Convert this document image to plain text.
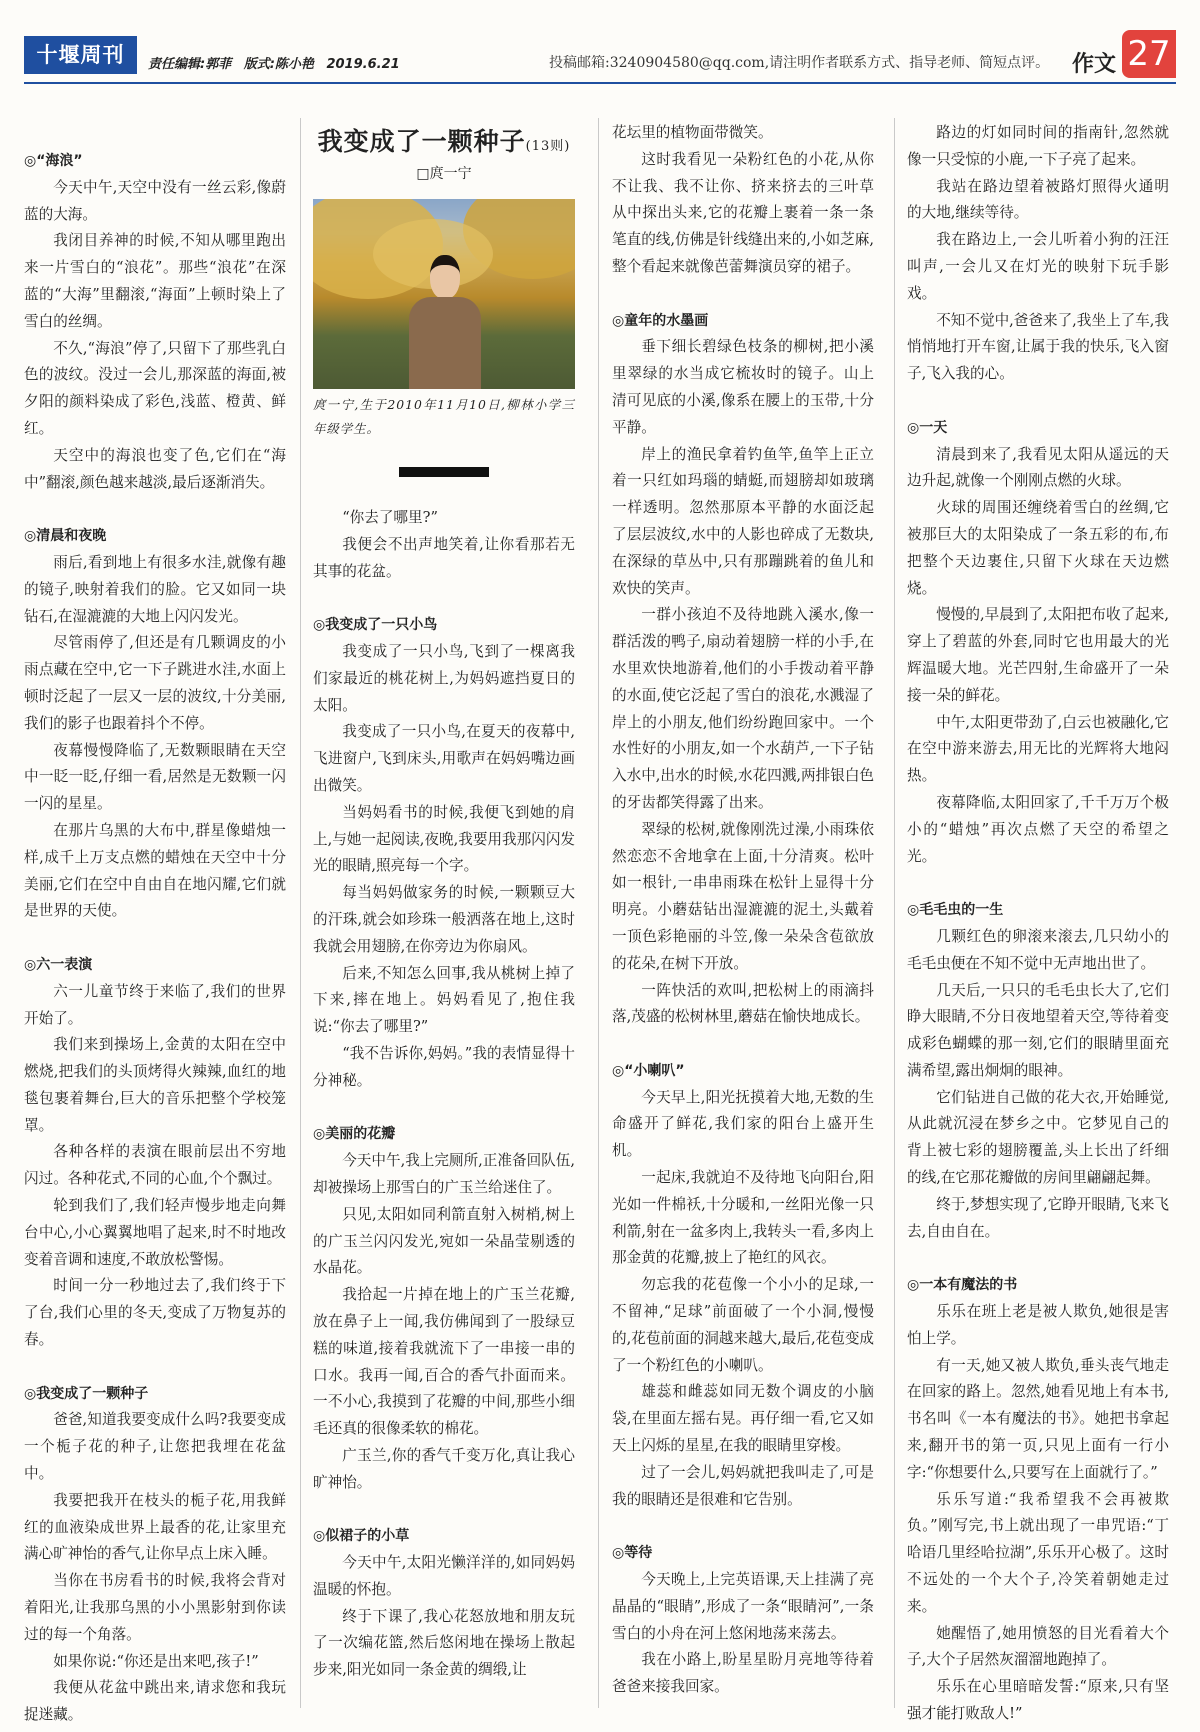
十堰周刊	责任编辑:郭菲 版式:陈小艳 2019.6.21	投稿邮箱:3240904580@qq.com,请注明作者联系方式、指导老师、简短点评。 作文 27
◎“海浪”

今天中午,天空中没有一丝云彩,像蔚蓝的大海。

我闭目养神的时候,不知从哪里跑出来一片雪白的“浪花”。那些“浪花”在深蓝的“大海”里翻滚,“海面”上顿时染上了雪白的丝绸。

不久,“海浪”停了,只留下了那些乳白色的波纹。没过一会儿,那深蓝的海面,被夕阳的颜料染成了彩色,浅蓝、橙黄、鲜红。

天空中的海浪也变了色,它们在“海中”翻滚,颜色越来越淡,最后逐渐消失。

◎清晨和夜晚

雨后,看到地上有很多水洼,就像有趣的镜子,映射着我们的脸。它又如同一块钻石,在湿漉漉的大地上闪闪发光。

尽管雨停了,但还是有几颗调皮的小雨点藏在空中,它一下子跳进水洼,水面上顿时泛起了一层又一层的波纹,十分美丽,我们的影子也跟着抖个不停。

夜幕慢慢降临了,无数颗眼睛在天空中一眨一眨,仔细一看,居然是无数颗一闪一闪的星星。

在那片乌黑的大布中,群星像蜡烛一样,成千上万支点燃的蜡烛在天空中十分美丽,它们在空中自由自在地闪耀,它们就是世界的天使。

◎六一表演

六一儿童节终于来临了,我们的世界开始了。

我们来到操场上,金黄的太阳在空中燃烧,把我们的头顶烤得火辣辣,血红的地毯包裹着舞台,巨大的音乐把整个学校笼罩。

各种各样的表演在眼前层出不穷地闪过。各种花式,不同的心血,个个飘过。

轮到我们了,我们轻声慢步地走向舞台中心,小心翼翼地唱了起来,时不时地改变着音调和速度,不敢放松警惕。

时间一分一秒地过去了,我们终于下了台,我们心里的冬天,变成了万物复苏的春。

◎我变成了一颗种子

爸爸,知道我要变成什么吗?我要变成一个栀子花的种子,让您把我埋在花盆中。

我要把我开在枝头的栀子花,用我鲜红的血液染成世界上最香的花,让家里充满心旷神怡的香气,让你早点上床入睡。

当你在书房看书的时候,我将会背对着阳光,让我那乌黑的小小黑影射到你读过的每一个角落。

如果你说:“你还是出来吧,孩子!”

我便从花盆中跳出来,请求您和我玩捉迷藏。

我变成了一颗种子(13则)
□庹一宁
庹一宁,生于2010年11月10日,柳林小学三年级学生。

“你去了哪里?”

我便会不出声地笑着,让你看那若无其事的花盆。

◎我变成了一只小鸟

我变成了一只小鸟,飞到了一棵离我们家最近的桃花树上,为妈妈遮挡夏日的太阳。

我变成了一只小鸟,在夏天的夜幕中,飞进窗户,飞到床头,用歌声在妈妈嘴边画出微笑。

当妈妈看书的时候,我便飞到她的肩上,与她一起阅读,夜晚,我要用我那闪闪发光的眼睛,照亮每一个字。

每当妈妈做家务的时候,一颗颗豆大的汗珠,就会如珍珠一般洒落在地上,这时我就会用翅膀,在你旁边为你扇风。

后来,不知怎么回事,我从桃树上掉了下来,摔在地上。妈妈看见了,抱住我说:“你去了哪里?”

“我不告诉你,妈妈。”我的表情显得十分神秘。

◎美丽的花瓣

今天中午,我上完厕所,正准备回队伍,却被操场上那雪白的广玉兰给迷住了。

只见,太阳如同利箭直射入树梢,树上的广玉兰闪闪发光,宛如一朵晶莹剔透的水晶花。

我拾起一片掉在地上的广玉兰花瓣,放在鼻子上一闻,我仿佛闻到了一股绿豆糕的味道,接着我就流下了一串接一串的口水。我再一闻,百合的香气扑面而来。一不小心,我摸到了花瓣的中间,那些小细毛还真的很像柔软的棉花。

广玉兰,你的香气千变万化,真让我心旷神怡。

◎似裙子的小草

今天中午,太阳光懒洋洋的,如同妈妈温暖的怀抱。

终于下课了,我心花怒放地和朋友玩了一次编花篮,然后悠闲地在操场上散起步来,阳光如同一条金黄的绸缎,让

花坛里的植物面带微笑。

这时我看见一朵粉红色的小花,从你不让我、我不让你、挤来挤去的三叶草从中探出头来,它的花瓣上裹着一条一条笔直的线,仿佛是针线缝出来的,小如芝麻,整个看起来就像芭蕾舞演员穿的裙子。

◎童年的水墨画

垂下细长碧绿色枝条的柳树,把小溪里翠绿的水当成它梳妆时的镜子。山上清可见底的小溪,像系在腰上的玉带,十分平静。

岸上的渔民拿着钓鱼竿,鱼竿上正立着一只红如玛瑙的蜻蜓,而翅膀却如玻璃一样透明。忽然那原本平静的水面泛起了层层波纹,水中的人影也碎成了无数块,在深绿的草丛中,只有那蹦跳着的鱼儿和欢快的笑声。

一群小孩迫不及待地跳入溪水,像一群活泼的鸭子,扇动着翅膀一样的小手,在水里欢快地游着,他们的小手拨动着平静的水面,使它泛起了雪白的浪花,水溅湿了岸上的小朋友,他们纷纷跑回家中。一个水性好的小朋友,如一个水葫芦,一下子钻入水中,出水的时候,水花四溅,两排银白色的牙齿都笑得露了出来。

翠绿的松树,就像刚洗过澡,小雨珠依然恋恋不舍地拿在上面,十分清爽。松叶如一根针,一串串雨珠在松针上显得十分明亮。小蘑菇钻出湿漉漉的泥土,头戴着一顶色彩艳丽的斗笠,像一朵朵含苞欲放的花朵,在树下开放。

一阵快活的欢叫,把松树上的雨滴抖落,茂盛的松树林里,蘑菇在愉快地成长。

◎“小喇叭”

今天早上,阳光抚摸着大地,无数的生命盛开了鲜花,我们家的阳台上盛开生机。

一起床,我就迫不及待地飞向阳台,阳光如一件棉袄,十分暖和,一丝阳光像一只利箭,射在一盆多肉上,我转头一看,多肉上那金黄的花瓣,披上了艳红的风衣。

勿忘我的花苞像一个小小的足球,一不留神,“足球”前面破了一个小洞,慢慢的,花苞前面的洞越来越大,最后,花苞变成了一个粉红色的小喇叭。

雄蕊和雌蕊如同无数个调皮的小脑袋,在里面左摇右晃。再仔细一看,它又如天上闪烁的星星,在我的眼睛里穿梭。

过了一会儿,妈妈就把我叫走了,可是我的眼睛还是很难和它告别。

◎等待

今天晚上,上完英语课,天上挂满了亮晶晶的“眼睛”,形成了一条“眼睛河”,一条雪白的小舟在河上悠闲地荡来荡去。

我在小路上,盼星星盼月亮地等待着爸爸来接我回家。

路边的灯如同时间的指南针,忽然就像一只受惊的小鹿,一下子亮了起来。

我站在路边望着被路灯照得火通明的大地,继续等待。

我在路边上,一会儿听着小狗的汪汪叫声,一会儿又在灯光的映射下玩手影戏。

不知不觉中,爸爸来了,我坐上了车,我悄悄地打开车窗,让属于我的快乐,飞入窗子,飞入我的心。

◎一天

清晨到来了,我看见太阳从遥远的天边升起,就像一个刚刚点燃的火球。

火球的周围还缠绕着雪白的丝绸,它被那巨大的太阳染成了一条五彩的布,布把整个天边裹住,只留下火球在天边燃烧。

慢慢的,早晨到了,太阳把布收了起来,穿上了碧蓝的外套,同时它也用最大的光辉温暖大地。光芒四射,生命盛开了一朵接一朵的鲜花。

中午,太阳更带劲了,白云也被融化,它在空中游来游去,用无比的光辉将大地闷热。

夜幕降临,太阳回家了,千千万万个极小的“蜡烛”再次点燃了天空的希望之光。

◎毛毛虫的一生

几颗红色的卵滚来滚去,几只幼小的毛毛虫便在不知不觉中无声地出世了。

几天后,一只只的毛毛虫长大了,它们睁大眼睛,不分日夜地望着天空,等待着变成彩色蝴蝶的那一刻,它们的眼睛里面充满希望,露出炯炯的眼神。

它们钻进自己做的花大衣,开始睡觉,从此就沉浸在梦乡之中。它梦见自己的背上被七彩的翅膀覆盖,头上长出了纤细的线,在它那花瓣做的房间里翩翩起舞。

终于,梦想实现了,它睁开眼睛,飞来飞去,自由自在。

◎一本有魔法的书

乐乐在班上老是被人欺负,她很是害怕上学。

有一天,她又被人欺负,垂头丧气地走在回家的路上。忽然,她看见地上有本书,书名叫《一本有魔法的书》。她把书拿起来,翻开书的第一页,只见上面有一行小字:“你想要什么,只要写在上面就行了。”

乐乐写道:“我希望我不会再被欺负。”刚写完,书上就出现了一串咒语:“丁哈语几里经哈拉湖”,乐乐开心极了。这时不远处的一个大个子,冷笑着朝她走过来。

她醒悟了,她用愤怒的目光看着大个子,大个子居然灰溜溜地跑掉了。

乐乐在心里暗暗发誓:“原来,只有坚强才能打败敌人!”
